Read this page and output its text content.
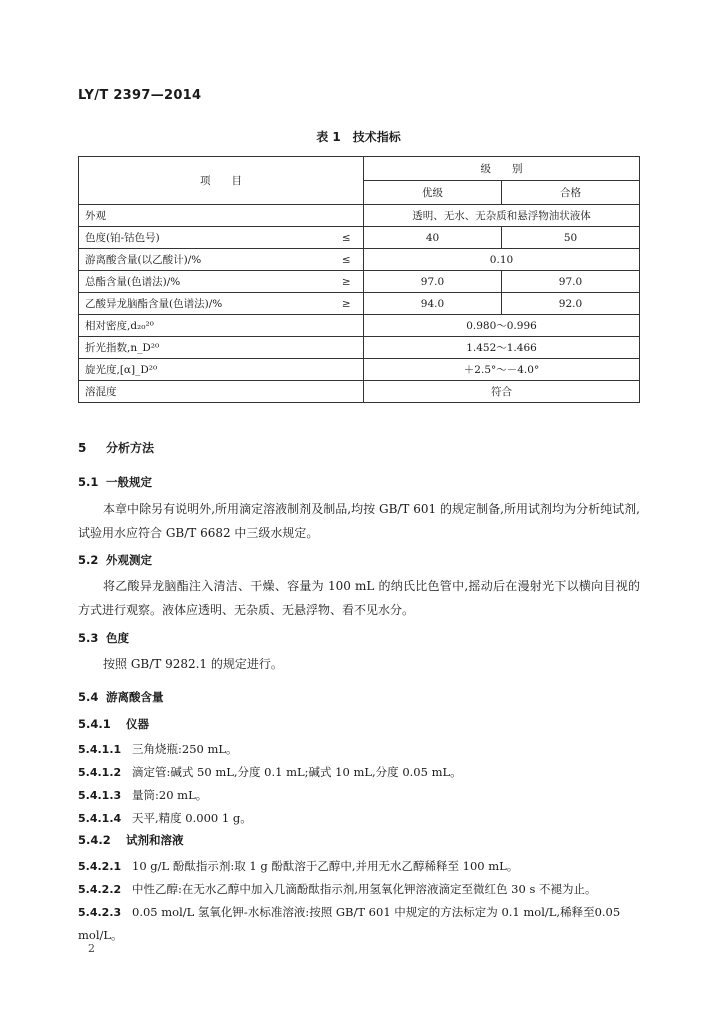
LY/T 2397—2014
表 1　技术指标
项　　目		级　　别	
		优级	合格
外观		透明、无水、无杂质和悬浮物油状液体	
色度(铂-钴色号)	≤	40	50
游离酸含量(以乙酸计)/%	≤	0.10	
总酯含量(色谱法)/%	≥	97.0	97.0
乙酸异龙脑酯含量(色谱法)/%	≥	94.0	92.0
相对密度,d₂₀²⁰		0.980～0.996	
折光指数,n_D²⁰		1.452～1.466	
旋光度,[α]_D²⁰		＋2.5°～－4.0°	
溶混度		符合	
5 分析方法
5.1 一般规定
本章中除另有说明外,所用滴定溶液制剂及制品,均按 GB/T 601 的规定制备,所用试剂均为分析纯试剂,试验用水应符合 GB/T 6682 中三级水规定。
5.2 外观测定
将乙酸异龙脑酯注入清洁、干燥、容量为 100 mL 的纳氏比色管中,摇动后在漫射光下以横向目视的方式进行观察。液体应透明、无杂质、无悬浮物、看不见水分。
5.3 色度
按照 GB/T 9282.1 的规定进行。
5.4 游离酸含量
5.4.1 仪器
5.4.1.1 三角烧瓶:250 mL。
5.4.1.2 滴定管:碱式 50 mL,分度 0.1 mL;碱式 10 mL,分度 0.05 mL。
5.4.1.3 量筒:20 mL。
5.4.1.4 天平,精度 0.000 1 g。
5.4.2 试剂和溶液
5.4.2.1 10 g/L 酚酞指示剂:取 1 g 酚酞溶于乙醇中,并用无水乙醇稀释至 100 mL。
5.4.2.2 中性乙醇:在无水乙醇中加入几滴酚酞指示剂,用氢氧化钾溶液滴定至微红色 30 s 不褪为止。
5.4.2.3 0.05 mol/L 氢氧化钾-水标准溶液:按照 GB/T 601 中规定的方法标定为 0.1 mol/L,稀释至0.05 mol/L。
2
